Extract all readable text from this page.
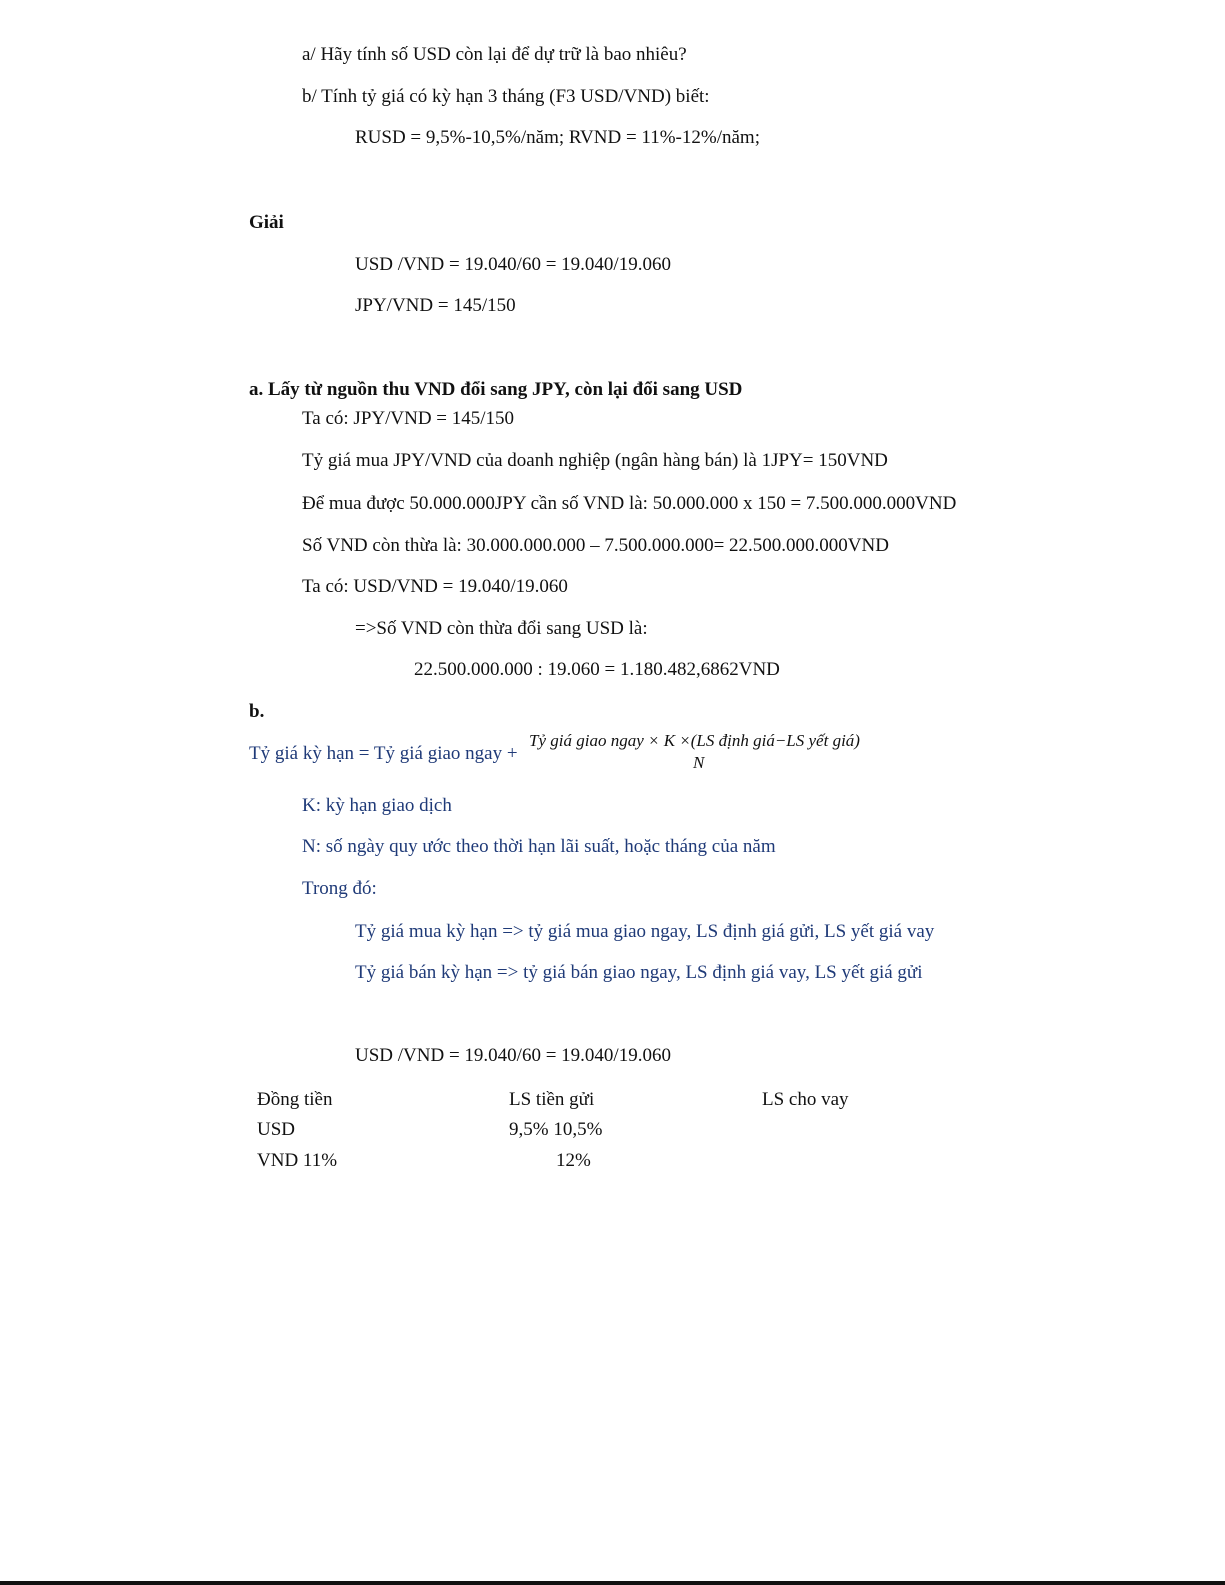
a/ Hãy tính số USD còn lại để dự trữ là bao nhiêu?
b/ Tính tỷ giá có kỳ hạn 3 tháng (F3 USD/VND) biết:
RUSD = 9,5%-10,5%/năm; RVND = 11%-12%/năm;
Giải
USD /VND = 19.040/60 = 19.040/19.060
JPY/VND = 145/150
a. Lấy từ nguồn thu VND đổi sang JPY, còn lại đổi sang USD
Ta có: JPY/VND = 145/150
Tỷ giá mua JPY/VND của doanh nghiệp (ngân hàng bán) là 1JPY= 150VND
Để mua được 50.000.000JPY cần số VND là: 50.000.000 x 150 = 7.500.000.000VND
Số VND còn thừa là: 30.000.000.000 – 7.500.000.000= 22.500.000.000VND
Ta có: USD/VND = 19.040/19.060
=>Số VND còn thừa đổi sang USD là:
22.500.000.000 : 19.060 = 1.180.482,6862VND
b.
Tỷ giá kỳ hạn = Tỷ giá giao ngay +
Tỷ giá giao ngay × K ×(LS định giá−LS yết giá)
N
K: kỳ hạn giao dịch
N: số ngày quy ước theo thời hạn lãi suất, hoặc tháng của năm
Trong đó:
Tỷ giá mua kỳ hạn => tỷ giá mua giao ngay, LS định giá gửi, LS yết giá vay
Tỷ giá bán kỳ hạn => tỷ giá bán giao ngay, LS định giá vay, LS yết giá gửi
USD /VND = 19.040/60 = 19.040/19.060
Đồng tiền	LS tiền gửi	LS cho vay
USD	9,5% 10,5%
VND 11%	12%
